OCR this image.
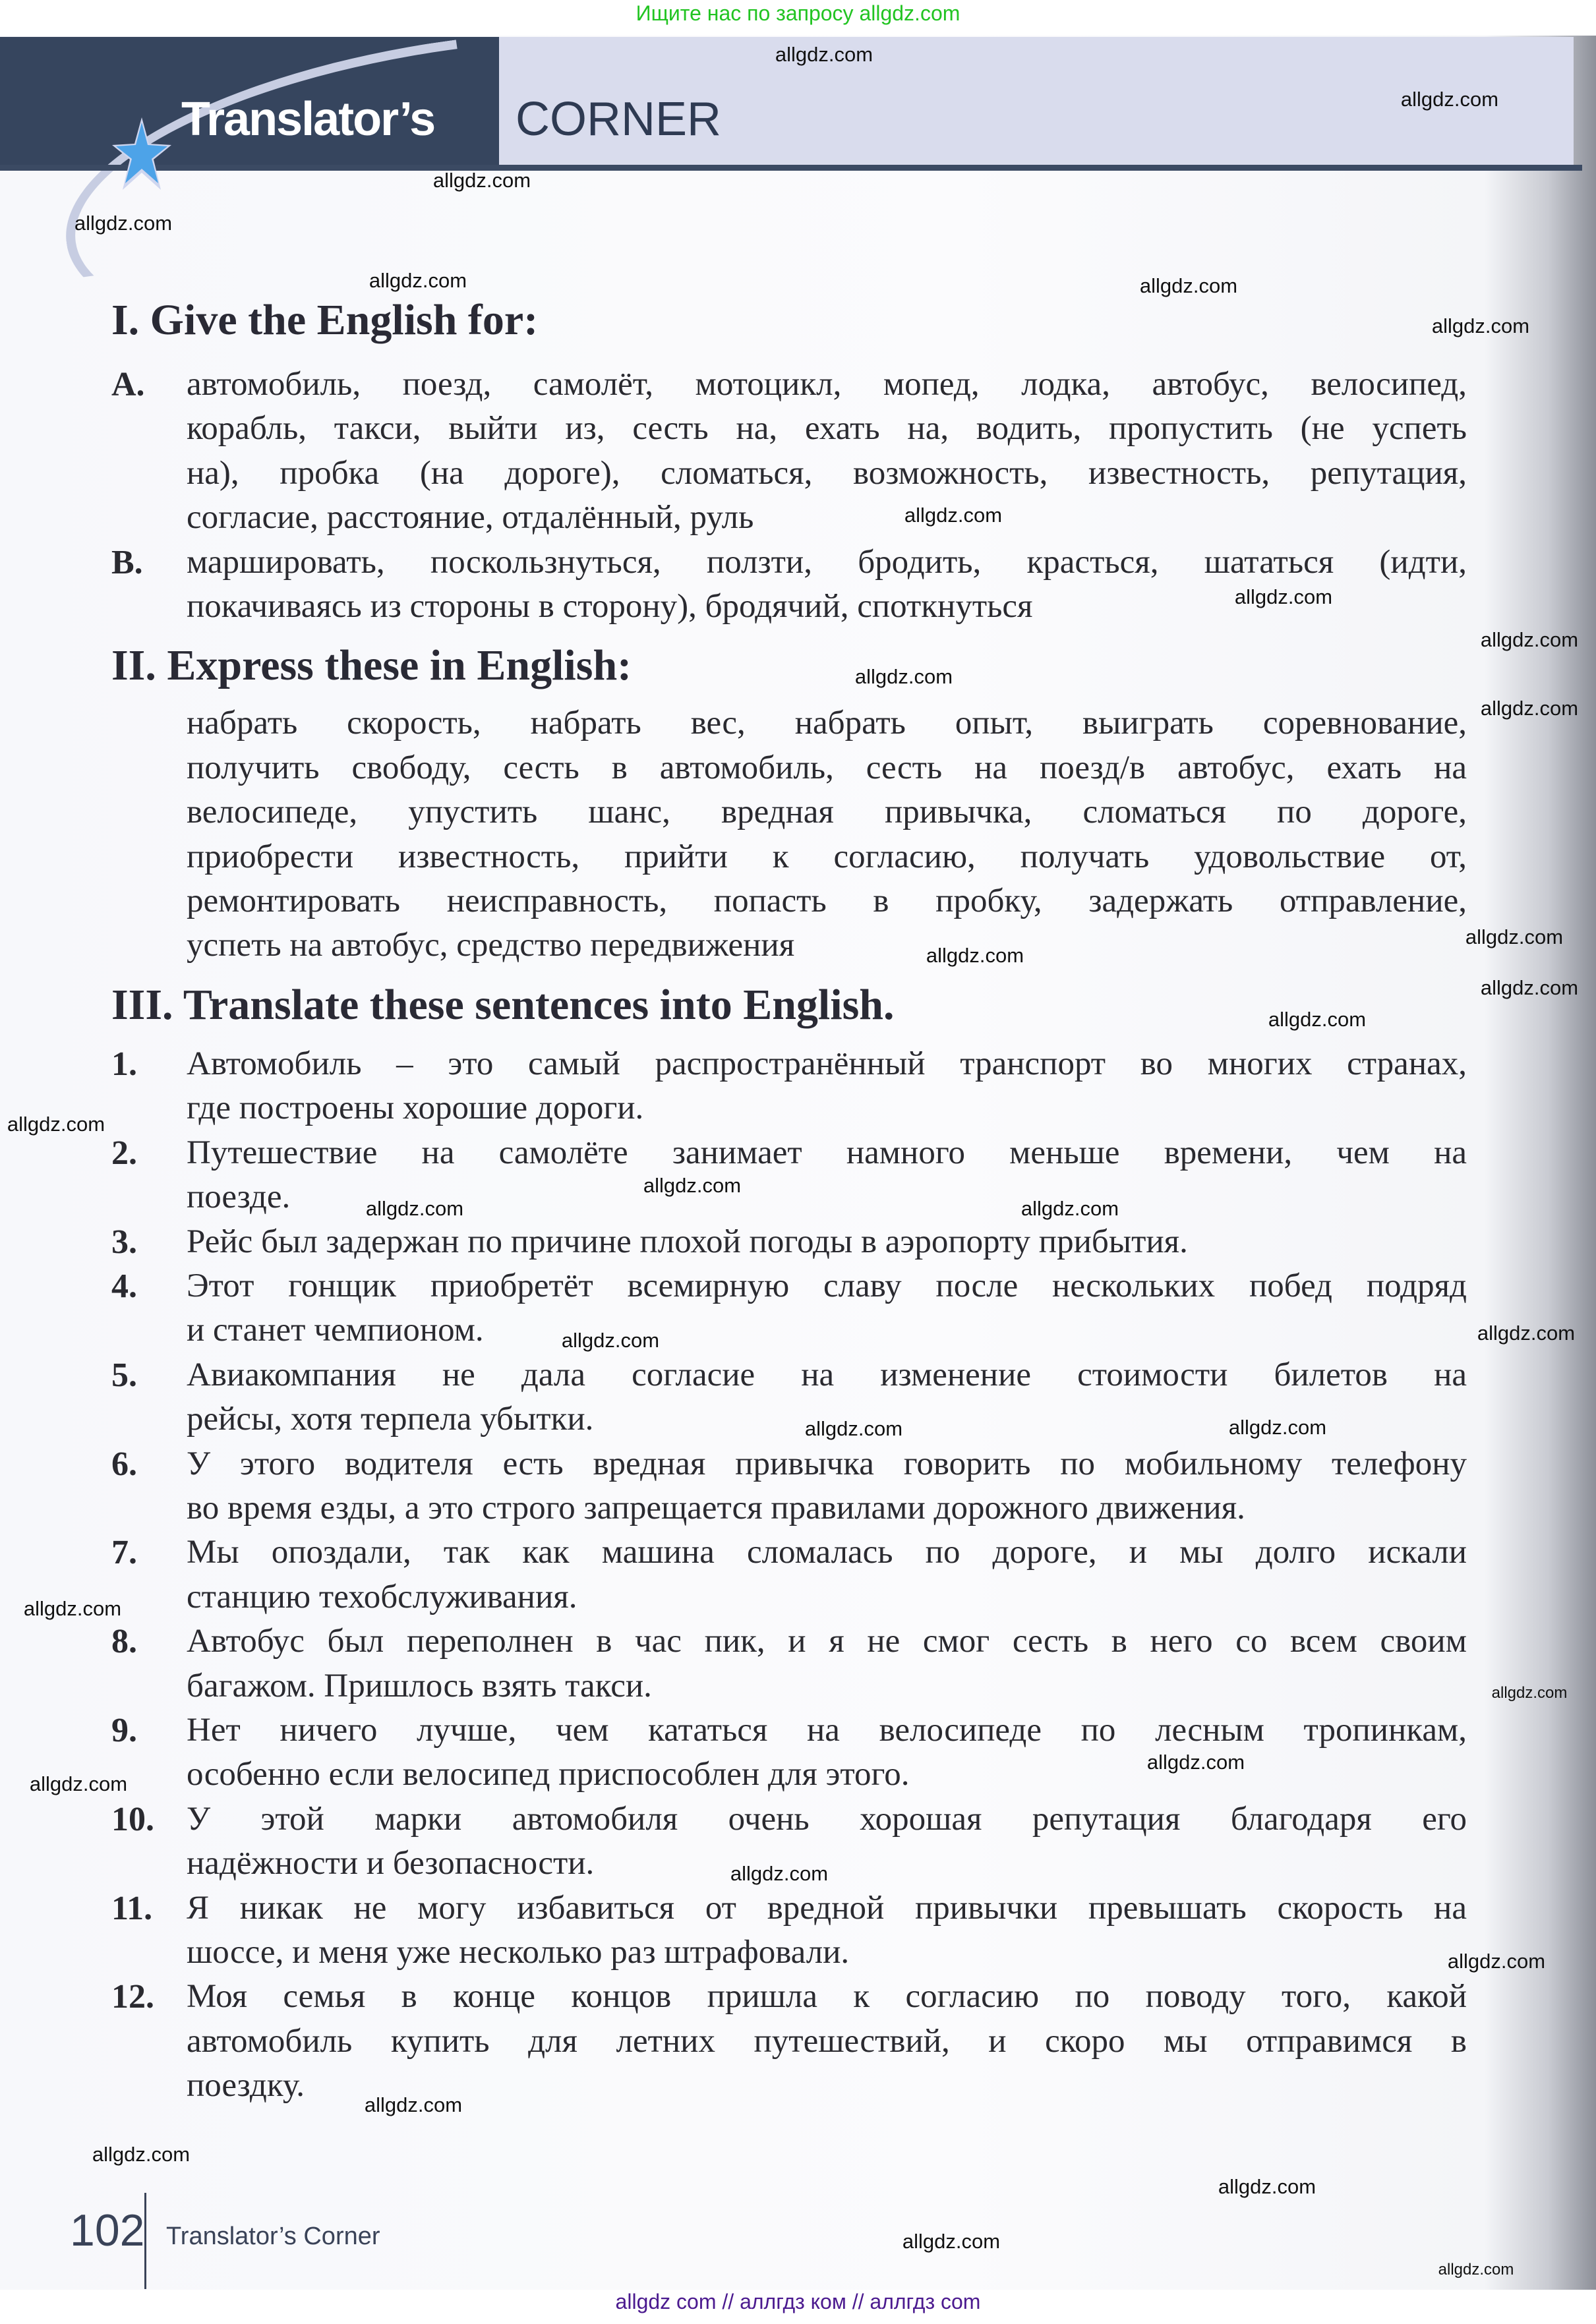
Ищите нас по запросу allgdz.com
Translator’s CORNER
I. Give the English for:
A.	автомобиль, поезд, самолёт, мотоцикл, мопед, лодка, автобус, велосипед,
корабль, такси, выйти из, сесть на, ехать на, водить, пропустить (не успеть
на), пробка (на дороге), сломаться, возможность, известность, репутация,
согласие, расстояние, отдалённый, руль
B.	маршировать, поскользнуться, ползти, бродить, красться, шататься (идти,
покачиваясь из стороны в сторону), бродячий, споткнуться
II. Express these in English:
набрать скорость, набрать вес, набрать опыт, выиграть соревнование,
получить свободу, сесть в автомобиль, сесть на поезд/в автобус, ехать на
велосипеде, упустить шанс, вредная привычка, сломаться по дороге,
приобрести известность, прийти к согласию, получать удовольствие от,
ремонтировать неисправность, попасть в пробку, задержать отправление,
успеть на автобус, средство передвижения
III. Translate these sentences into English.
1.	Автомобиль – это самый распространённый транспорт во многих странах,
где построены хорошие дороги.
2.	Путешествие на самолёте занимает намного меньше времени, чем на
поезде.
3.	Рейс был задержан по причине плохой погоды в аэропорту прибытия.
4.	Этот гонщик приобретёт всемирную славу после нескольких побед подряд
и станет чемпионом.
5.	Авиакомпания не дала согласие на изменение стоимости билетов на
рейсы, хотя терпела убытки.
6.	У этого водителя есть вредная привычка говорить по мобильному телефону
во время езды, а это строго запрещается правилами дорожного движения.
7.	Мы опоздали, так как машина сломалась по дороге, и мы долго искали
станцию техобслуживания.
8.	Автобус был переполнен в час пик, и я не смог сесть в него со всем своим
багажом. Пришлось взять такси.
9.	Нет ничего лучше, чем кататься на велосипеде по лесным тропинкам,
особенно если велосипед приспособлен для этого.
10. У этой марки автомобиля очень хорошая репутация благодаря его
надёжности и безопасности.
11.	Я никак не могу избавиться от вредной привычки превышать скорость на
шоссе, и меня уже несколько раз штрафовали.
12. Моя семья в конце концов пришла к согласию по поводу того, какой
автомобиль купить для летних путешествий, и скоро мы отправимся в
поездку.
allgdz.com
allgdz.com
allgdz.com
allgdz.com
allgdz.com
allgdz.com
allgdz.com
allgdz.com
allgdz.com
allgdz.com
allgdz.com
allgdz.com
allgdz.com
allgdz.com
allgdz.com
allgdz.com
allgdz.com
allgdz.com
allgdz.com	allgdz.com
allgdz.com
allgdz.com
allgdz.com	allgdz.com
allgdz.com
allgdz.com
allgdz.com
allgdz.com
allgdz.com
allgdz.com
allgdz.com
allgdz.com
allgdz.com
allgdz.com
allgdz.com
102 Translator’s Corner
allgdz com // аллгдз ком // аллгдз com
